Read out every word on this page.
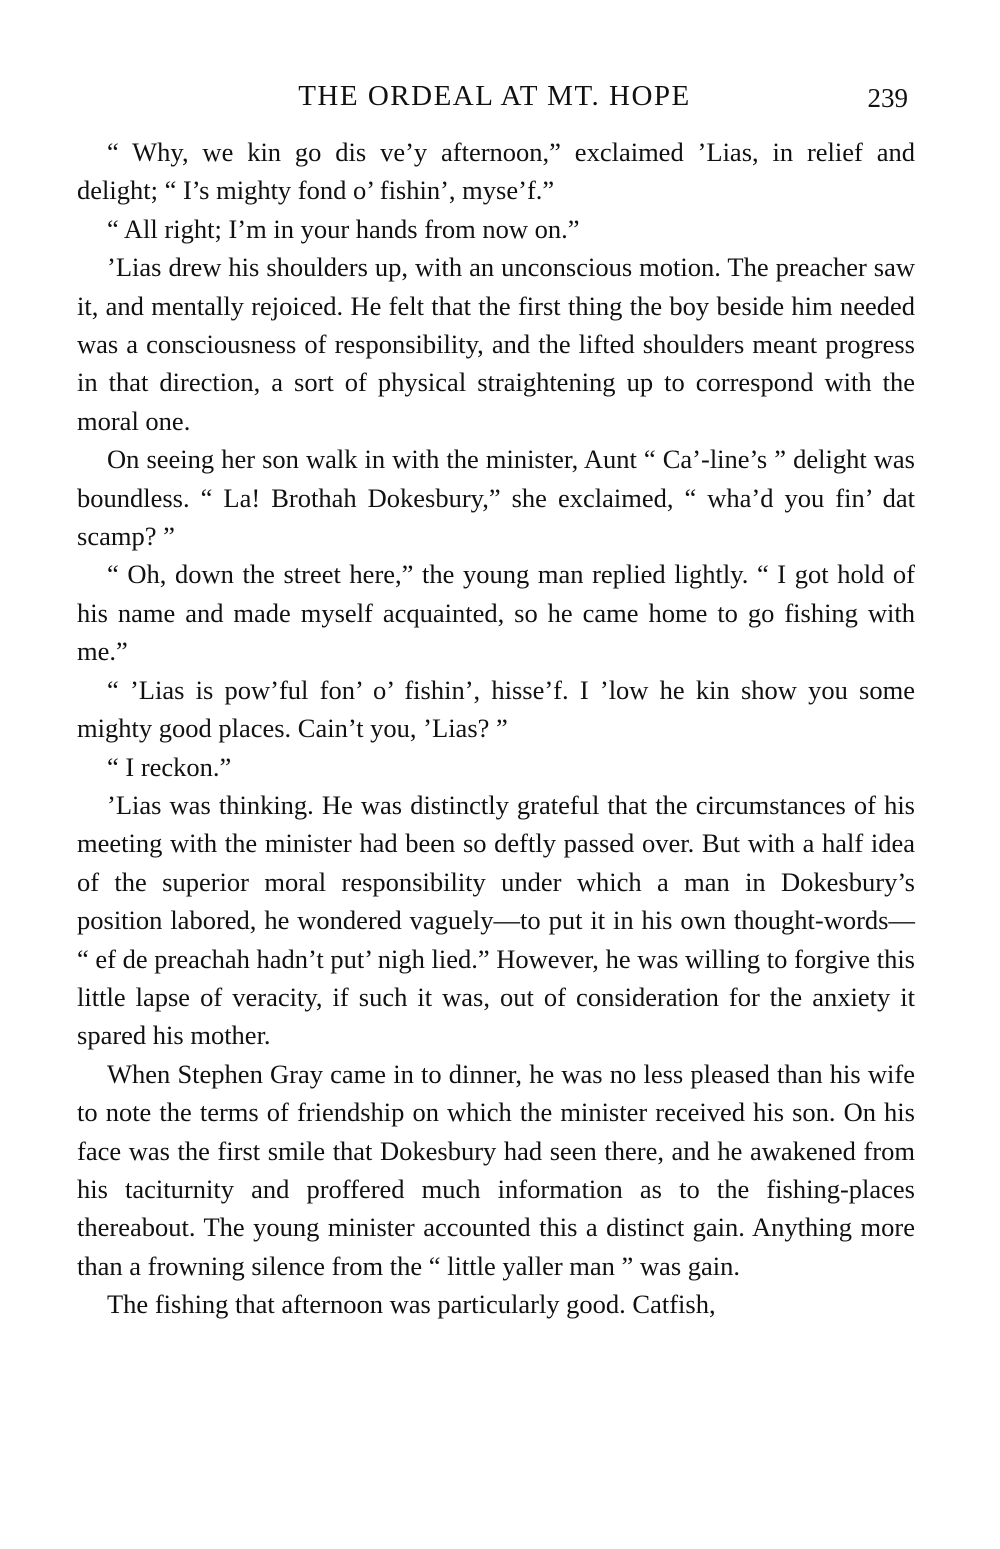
THE ORDEAL AT MT. HOPE	239

“ Why, we kin go dis ve’y afternoon,” exclaimed ’Lias, in relief and delight; “ I’s mighty fond o’ fishin’, myse’f.”

“ All right; I’m in your hands from now on.”

’Lias drew his shoulders up, with an unconscious motion. The preacher saw it, and mentally rejoiced. He felt that the first thing the boy beside him needed was a consciousness of responsibility, and the lifted shoulders meant progress in that direction, a sort of physical straightening up to correspond with the moral one.

On seeing her son walk in with the minister, Aunt “ Ca’-line’s ” delight was boundless. “ La! Brothah Dokesbury,” she exclaimed, “ wha’d you fin’ dat scamp? ”

“ Oh, down the street here,” the young man replied lightly. “ I got hold of his name and made myself acquainted, so he came home to go fishing with me.”

“ ’Lias is pow’ful fon’ o’ fishin’, hisse’f. I ’low he kin show you some mighty good places. Cain’t you, ’Lias? ”

“ I reckon.”

’Lias was thinking. He was distinctly grateful that the circumstances of his meeting with the minister had been so deftly passed over. But with a half idea of the superior moral responsibility under which a man in Dokesbury’s position labored, he wondered vaguely—to put it in his own thought-words— “ ef de preachah hadn’t put’ nigh lied.” However, he was willing to forgive this little lapse of veracity, if such it was, out of consideration for the anxiety it spared his mother.

When Stephen Gray came in to dinner, he was no less pleased than his wife to note the terms of friendship on which the minister received his son. On his face was the first smile that Dokesbury had seen there, and he awakened from his taciturnity and proffered much information as to the fishing-places thereabout. The young minister accounted this a distinct gain. Anything more than a frowning silence from the “ little yaller man ” was gain.

The fishing that afternoon was particularly good. Catfish,
